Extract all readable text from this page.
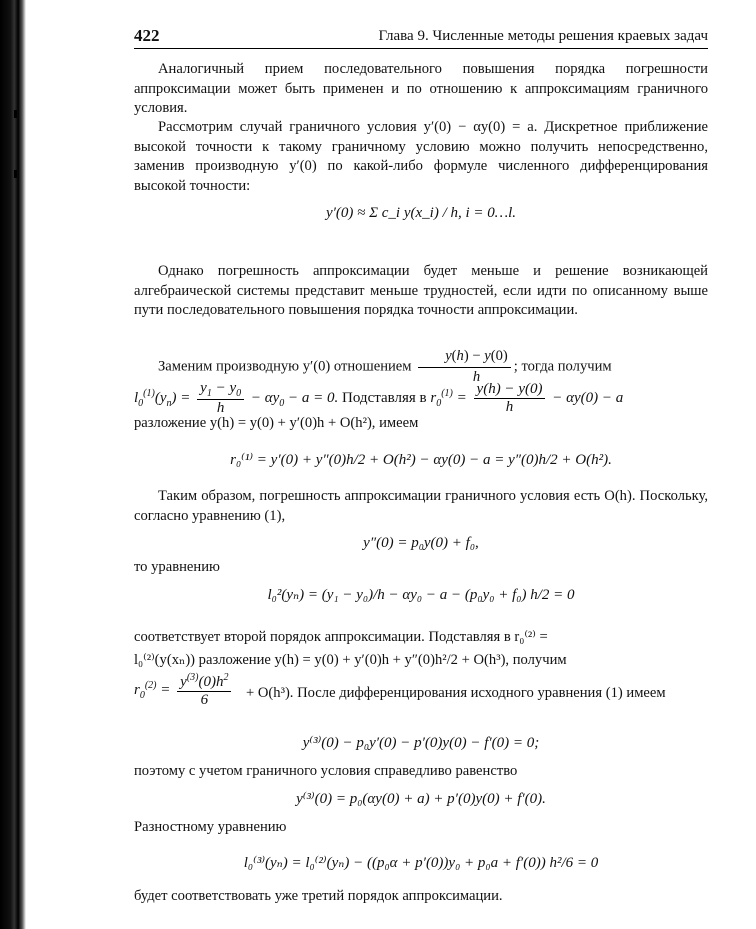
422	Глава 9. Численные методы решения краевых задач
Аналогичный прием последовательного повышения порядка погрешности аппроксимации может быть применен и по отношению к аппроксимациям граничного условия.
Рассмотрим случай граничного условия y′(0) − αy(0) = a. Дискретное приближение высокой точности к такому граничному условию можно получить непосредственно, заменив производную y′(0) по какой-либо формуле численного дифференцирования высокой точности:
y′(0) ≈ Σ c_i y(x_i) / h, i = 0…l.
Однако погрешность аппроксимации будет меньше и решение возникающей алгебраической системы представит меньше трудностей, если идти по описанному выше пути последовательного повышения порядка точности аппроксимации.
Заменим производную y′(0) отношением $\frac{y(h) - y(0)}{h}$ ; тогда получим
$l_0^{(1)}(y_n) = \frac{y_1 - y_0}{h} - \alpha y_0 - a = 0$. Подставляя в $r_0^{(1)} = \frac{y(h) - y(0)}{h} - \alpha y(0) - a$
разложение y(h) = y(0) + y′(0)h + O(h²), имеем
r₀⁽¹⁾ = y′(0) + y″(0)h/2 + O(h²) − αy(0) − a = y″(0)h/2 + O(h²).
Таким образом, погрешность аппроксимации граничного условия есть O(h). Поскольку, согласно уравнению (1),
y″(0) = p₀y(0) + f₀,
то уравнению
l₀²(yₙ) = (y₁ − y₀)/h − αy₀ − a − (p₀y₀ + f₀) h/2 = 0
соответствует второй порядок аппроксимации. Подставляя в r₀⁽²⁾ =
l₀⁽²⁾(y(xₙ)) разложение y(h) = y(0) + y′(0)h + y″(0)h²/2 + O(h³), получим
$r_0^{(2)} = \frac{y^{(3)}(0)h^2}{6} + O(h^3)$. После дифференцирования исходного уравнения (1) имеем
y⁽³⁾(0) − p₀y′(0) − p′(0)y(0) − f′(0) = 0;
поэтому с учетом граничного условия справедливо равенство
y⁽³⁾(0) = p₀(αy(0) + a) + p′(0)y(0) + f′(0).
Разностному уравнению
l₀⁽³⁾(yₙ) = l₀⁽²⁾(yₙ) − ((p₀α + p′(0))y₀ + p₀a + f′(0)) h²/6 = 0
будет соответствовать уже третий порядок аппроксимации.
